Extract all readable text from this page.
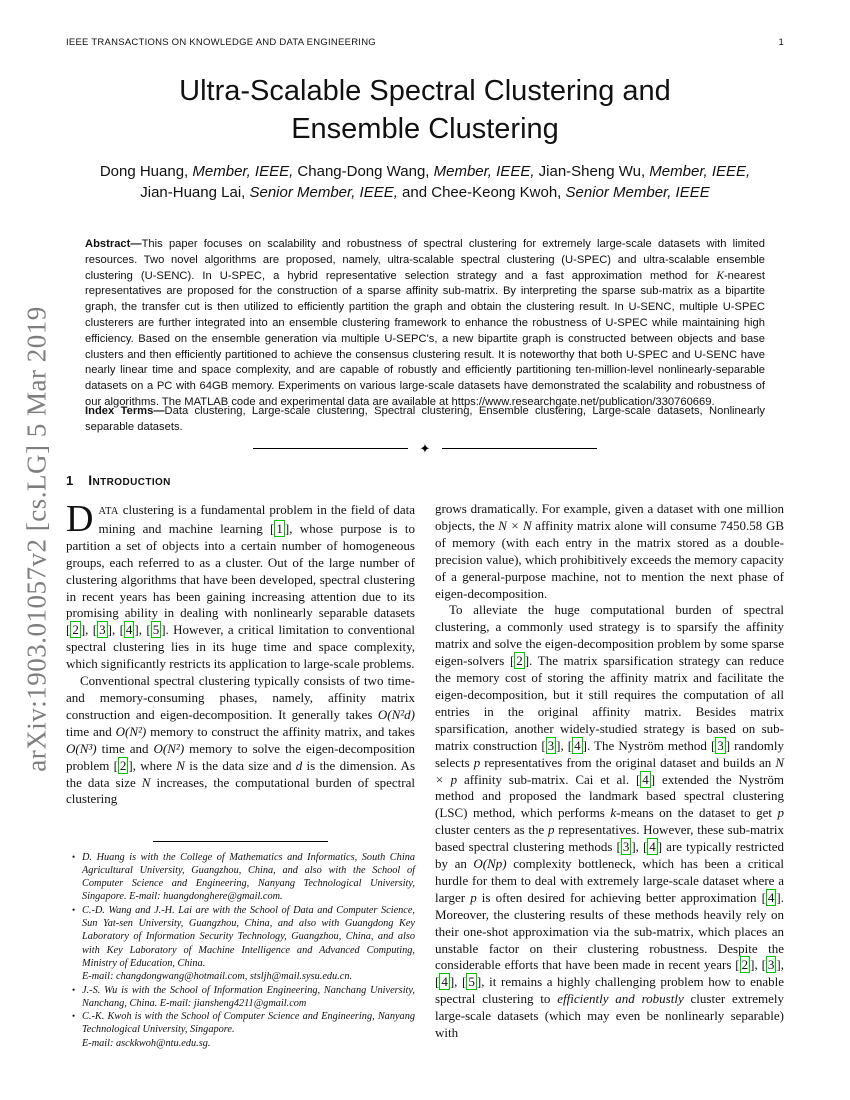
arXiv:1903.01057v2 [cs.LG] 5 Mar 2019
IEEE TRANSACTIONS ON KNOWLEDGE AND DATA ENGINEERING	1
Ultra-Scalable Spectral Clustering and Ensemble Clustering
Dong Huang, Member, IEEE, Chang-Dong Wang, Member, IEEE, Jian-Sheng Wu, Member, IEEE,
Jian-Huang Lai, Senior Member, IEEE, and Chee-Keong Kwoh, Senior Member, IEEE
Abstract—This paper focuses on scalability and robustness of spectral clustering for extremely large-scale datasets with limited resources. Two novel algorithms are proposed, namely, ultra-scalable spectral clustering (U-SPEC) and ultra-scalable ensemble clustering (U-SENC). In U-SPEC, a hybrid representative selection strategy and a fast approximation method for K-nearest representatives are proposed for the construction of a sparse affinity sub-matrix. By interpreting the sparse sub-matrix as a bipartite graph, the transfer cut is then utilized to efficiently partition the graph and obtain the clustering result. In U-SENC, multiple U-SPEC clusterers are further integrated into an ensemble clustering framework to enhance the robustness of U-SPEC while maintaining high efficiency. Based on the ensemble generation via multiple U-SEPC's, a new bipartite graph is constructed between objects and base clusters and then efficiently partitioned to achieve the consensus clustering result. It is noteworthy that both U-SPEC and U-SENC have nearly linear time and space complexity, and are capable of robustly and efficiently partitioning ten-million-level nonlinearly-separable datasets on a PC with 64GB memory. Experiments on various large-scale datasets have demonstrated the scalability and robustness of our algorithms. The MATLAB code and experimental data are available at https://www.researchgate.net/publication/330760669.
Index Terms—Data clustering, Large-scale clustering, Spectral clustering, Ensemble clustering, Large-scale datasets, Nonlinearly separable datasets.
✦
1 Introduction

DATA clustering is a fundamental problem in the field of data mining and machine learning [ 1 ], whose purpose is to partition a set of objects into a certain number of homogeneous groups, each referred to as a cluster. Out of the large number of clustering algorithms that have been developed, spectral clustering in recent years has been gaining increasing attention due to its promising ability in dealing with nonlinearly separable datasets [ 2 ], [ 3 ], [ 4 ], [ 5 ]. However, a critical limitation to conventional spectral clustering lies in its huge time and space complexity, which significantly restricts its application to large-scale problems.

Conventional spectral clustering typically consists of two time- and memory-consuming phases, namely, affinity matrix construction and eigen-decomposition. It generally takes O(N²d) time and O(N²) memory to construct the affinity matrix, and takes O(N³) time and O(N²) memory to solve the eigen-decomposition problem [ 2 ], where N is the data size and d is the dimension. As the data size N increases, the computational burden of spectral clustering

• D. Huang is with the College of Mathematics and Informatics, South China Agricultural University, Guangzhou, China, and also with the School of Computer Science and Engineering, Nanyang Technological University, Singapore. E-mail: huangdonghere@gmail.com.
• C.-D. Wang and J.-H. Lai are with the School of Data and Computer Science, Sun Yat-sen University, Guangzhou, China, and also with Guangdong Key Laboratory of Information Security Technology, Guangzhou, China, and also with Key Laboratory of Machine Intelligence and Advanced Computing, Ministry of Education, China.
E-mail: changdongwang@hotmail.com, stsljh@mail.sysu.edu.cn.
• J.-S. Wu is with the School of Information Engineering, Nanchang University, Nanchang, China. E-mail: jiansheng4211@gmail.com
• C.-K. Kwoh is with the School of Computer Science and Engineering, Nanyang Technological University, Singapore.
E-mail: asckkwoh@ntu.edu.sg.

grows dramatically. For example, given a dataset with one million objects, the N × N affinity matrix alone will consume 7450.58 GB of memory (with each entry in the matrix stored as a double-precision value), which prohibitively exceeds the memory capacity of a general-purpose machine, not to mention the next phase of eigen-decomposition.

To alleviate the huge computational burden of spectral clustering, a commonly used strategy is to sparsify the affinity matrix and solve the eigen-decomposition problem by some sparse eigen-solvers [ 2 ]. The matrix sparsification strategy can reduce the memory cost of storing the affinity matrix and facilitate the eigen-decomposition, but it still requires the computation of all entries in the original affinity matrix. Besides matrix sparsification, another widely-studied strategy is based on sub-matrix construction [ 3 ], [ 4 ]. The Nyström method [ 3 ] randomly selects p representatives from the original dataset and builds an N × p affinity sub-matrix. Cai et al. [ 4 ] extended the Nyström method and proposed the landmark based spectral clustering (LSC) method, which performs k-means on the dataset to get p cluster centers as the p representatives. However, these sub-matrix based spectral clustering methods [ 3 ], [ 4 ] are typically restricted by an O(Np) complexity bottleneck, which has been a critical hurdle for them to deal with extremely large-scale dataset where a larger p is often desired for achieving better approximation [ 4 ]. Moreover, the clustering results of these methods heavily rely on their one-shot approximation via the sub-matrix, which places an unstable factor on their clustering robustness. Despite the considerable efforts that have been made in recent years [ 2 ], [ 3 ], [ 4 ], [ 5 ], it remains a highly challenging problem how to enable spectral clustering to efficiently and robustly cluster extremely large-scale datasets (which may even be nonlinearly separable) with
